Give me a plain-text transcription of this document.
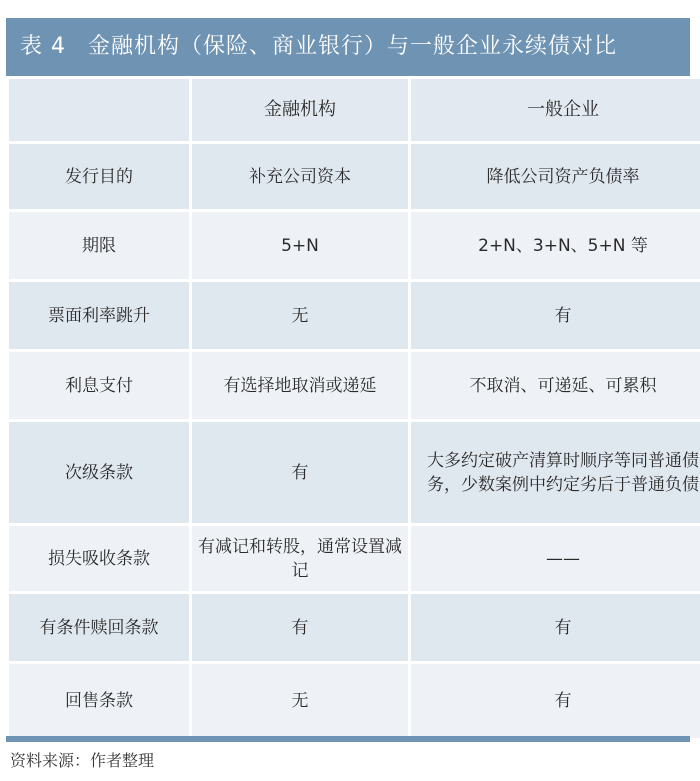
表 4 金融机构（保险、商业银行）与一般企业永续债对比
	金融机构	一般企业
发行目的	补充公司资本	降低公司资产负债率
期限	5+N	2+N、3+N、5+N 等
票面利率跳升	无	有
利息支付	有选择地取消或递延	不取消、可递延、可累积
次级条款	有	大多约定破产清算时顺序等同普通债务，少数案例中约定劣后于普通负债
损失吸收条款	有减记和转股，通常设置减记	——
有条件赎回条款	有	有
回售条款	无	有
资料来源：作者整理
